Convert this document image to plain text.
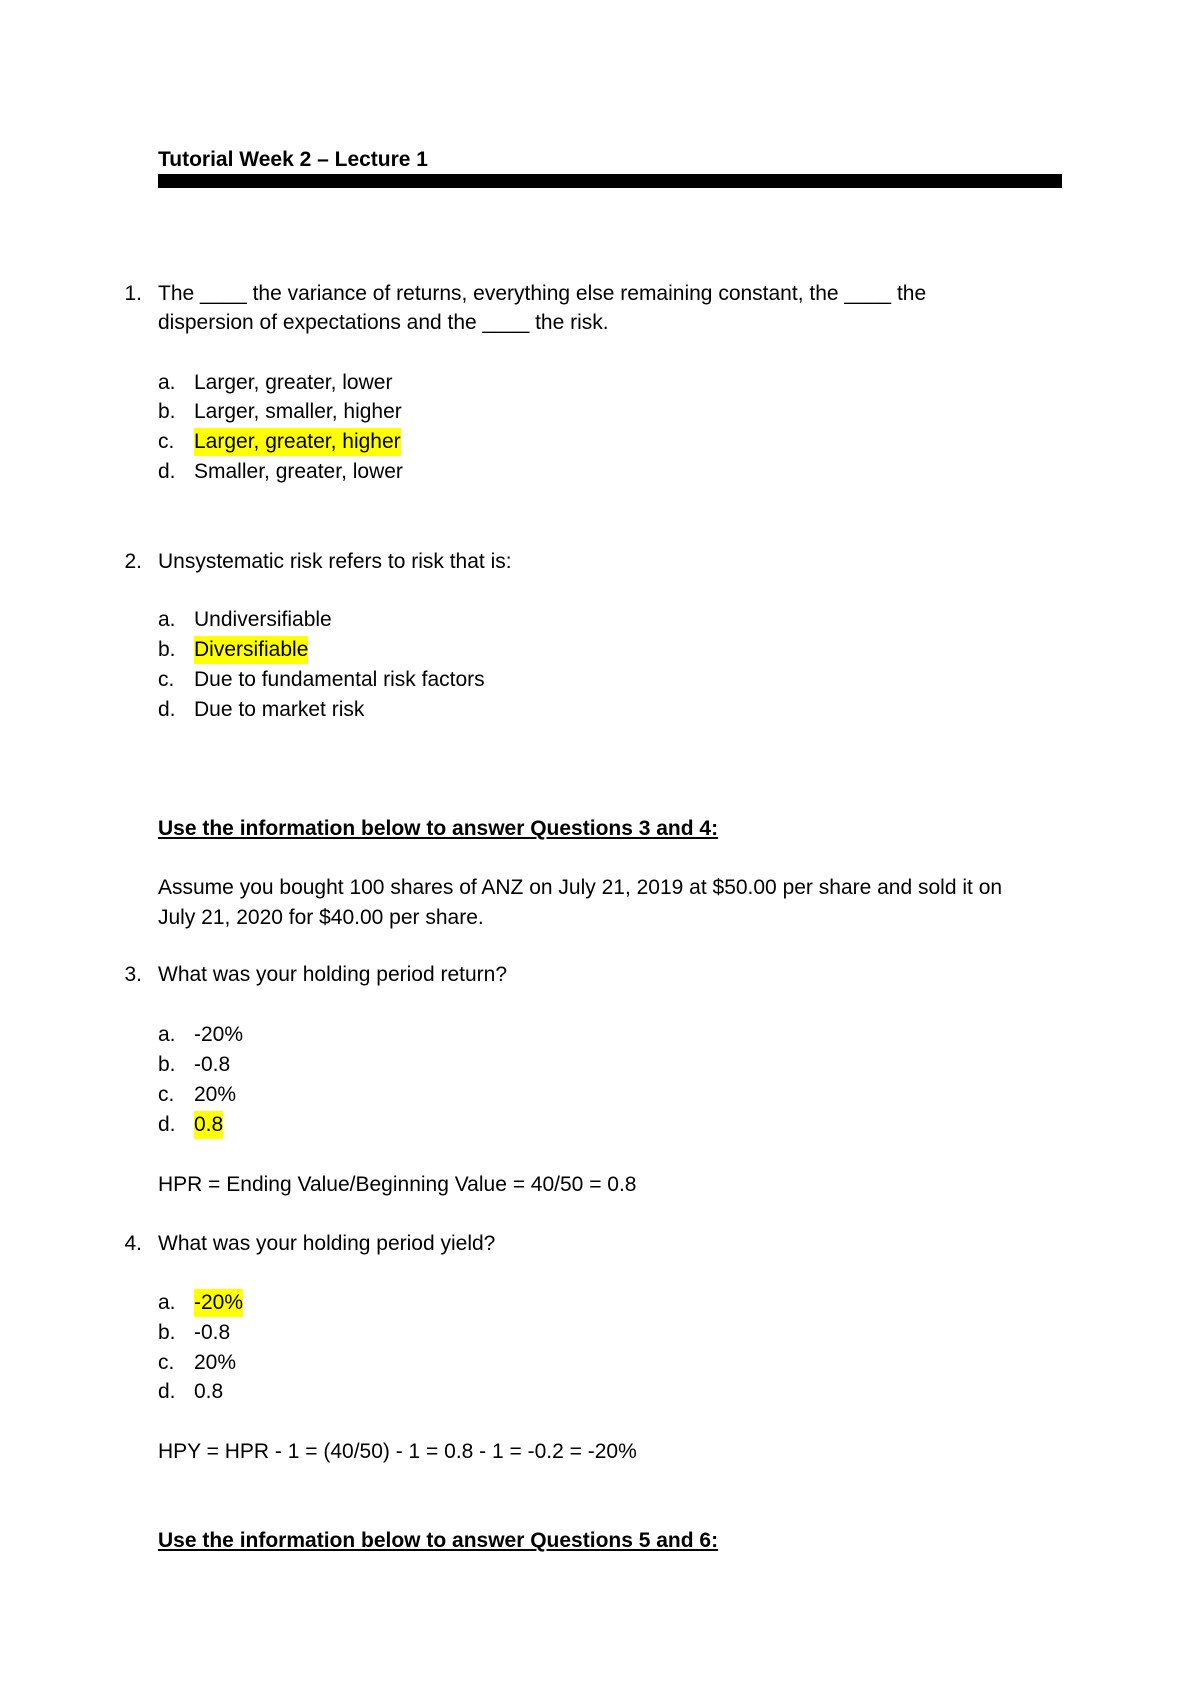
Tutorial Week 2 – Lecture 1
1. The ____ the variance of returns, everything else remaining constant, the ____ the
dispersion of expectations and the ____ the risk.
a. Larger, greater, lower
b. Larger, smaller, higher
c. Larger, greater, higher
d. Smaller, greater, lower
2. Unsystematic risk refers to risk that is:
a. Undiversifiable
b. Diversifiable
c. Due to fundamental risk factors
d. Due to market risk
Use the information below to answer Questions 3 and 4:
Assume you bought 100 shares of ANZ on July 21, 2019 at $50.00 per share and sold it on
July 21, 2020 for $40.00 per share.
3. What was your holding period return?
a. -20%
b. -0.8
c. 20%
d. 0.8
HPR = Ending Value/Beginning Value = 40/50 = 0.8
4. What was your holding period yield?
a. -20%
b. -0.8
c. 20%
d. 0.8
HPY = HPR - 1 = (40/50) - 1 = 0.8 - 1 = -0.2 = -20%
Use the information below to answer Questions 5 and 6:
